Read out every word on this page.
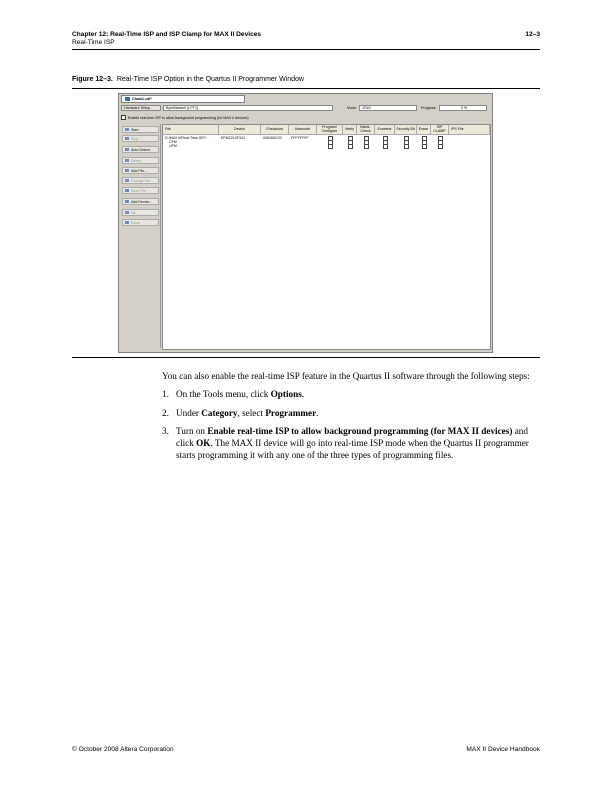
Chapter 12: Real-Time ISP and ISP Clamp for MAX II Devices	12–3
Real-Time ISP
Figure 12–3. Real-Time ISP Option in the Quartus II Programmer Window
Chain1.cdf*
Hardware Setup...	ByteBlasterII [LPT1]	Mode: JTAG	Progress:	0 %
Enable real-time ISP to allow background programming (for MAX II devices)
Start
Stop
Auto Detect
Delete
Add File...
Change File...
Save File
Add Device...
Up
Down
File	Device	Checksum	Usercode	Program/ Configure	Verify	Blank-Check	Examine	Security Bit	Erase	ISP CLAMP	IPS File
D:/MAX II/Real-Time ISP/...	EPM2210F324	006260C2C FFFFFFFF
CFM
UFM

You can also enable the real-time ISP feature in the Quartus II software through the following steps:

1. On the Tools menu, click Options.
2. Under Category, select Programmer.
3. Turn on Enable real-time ISP to allow background programming (for MAX II devices) and click OK. The MAX II device will go into real-time ISP mode when the Quartus II programmer starts programming it with any one of the three types of programming files.
© October 2008 Altera Corporation	MAX II Device Handbook
